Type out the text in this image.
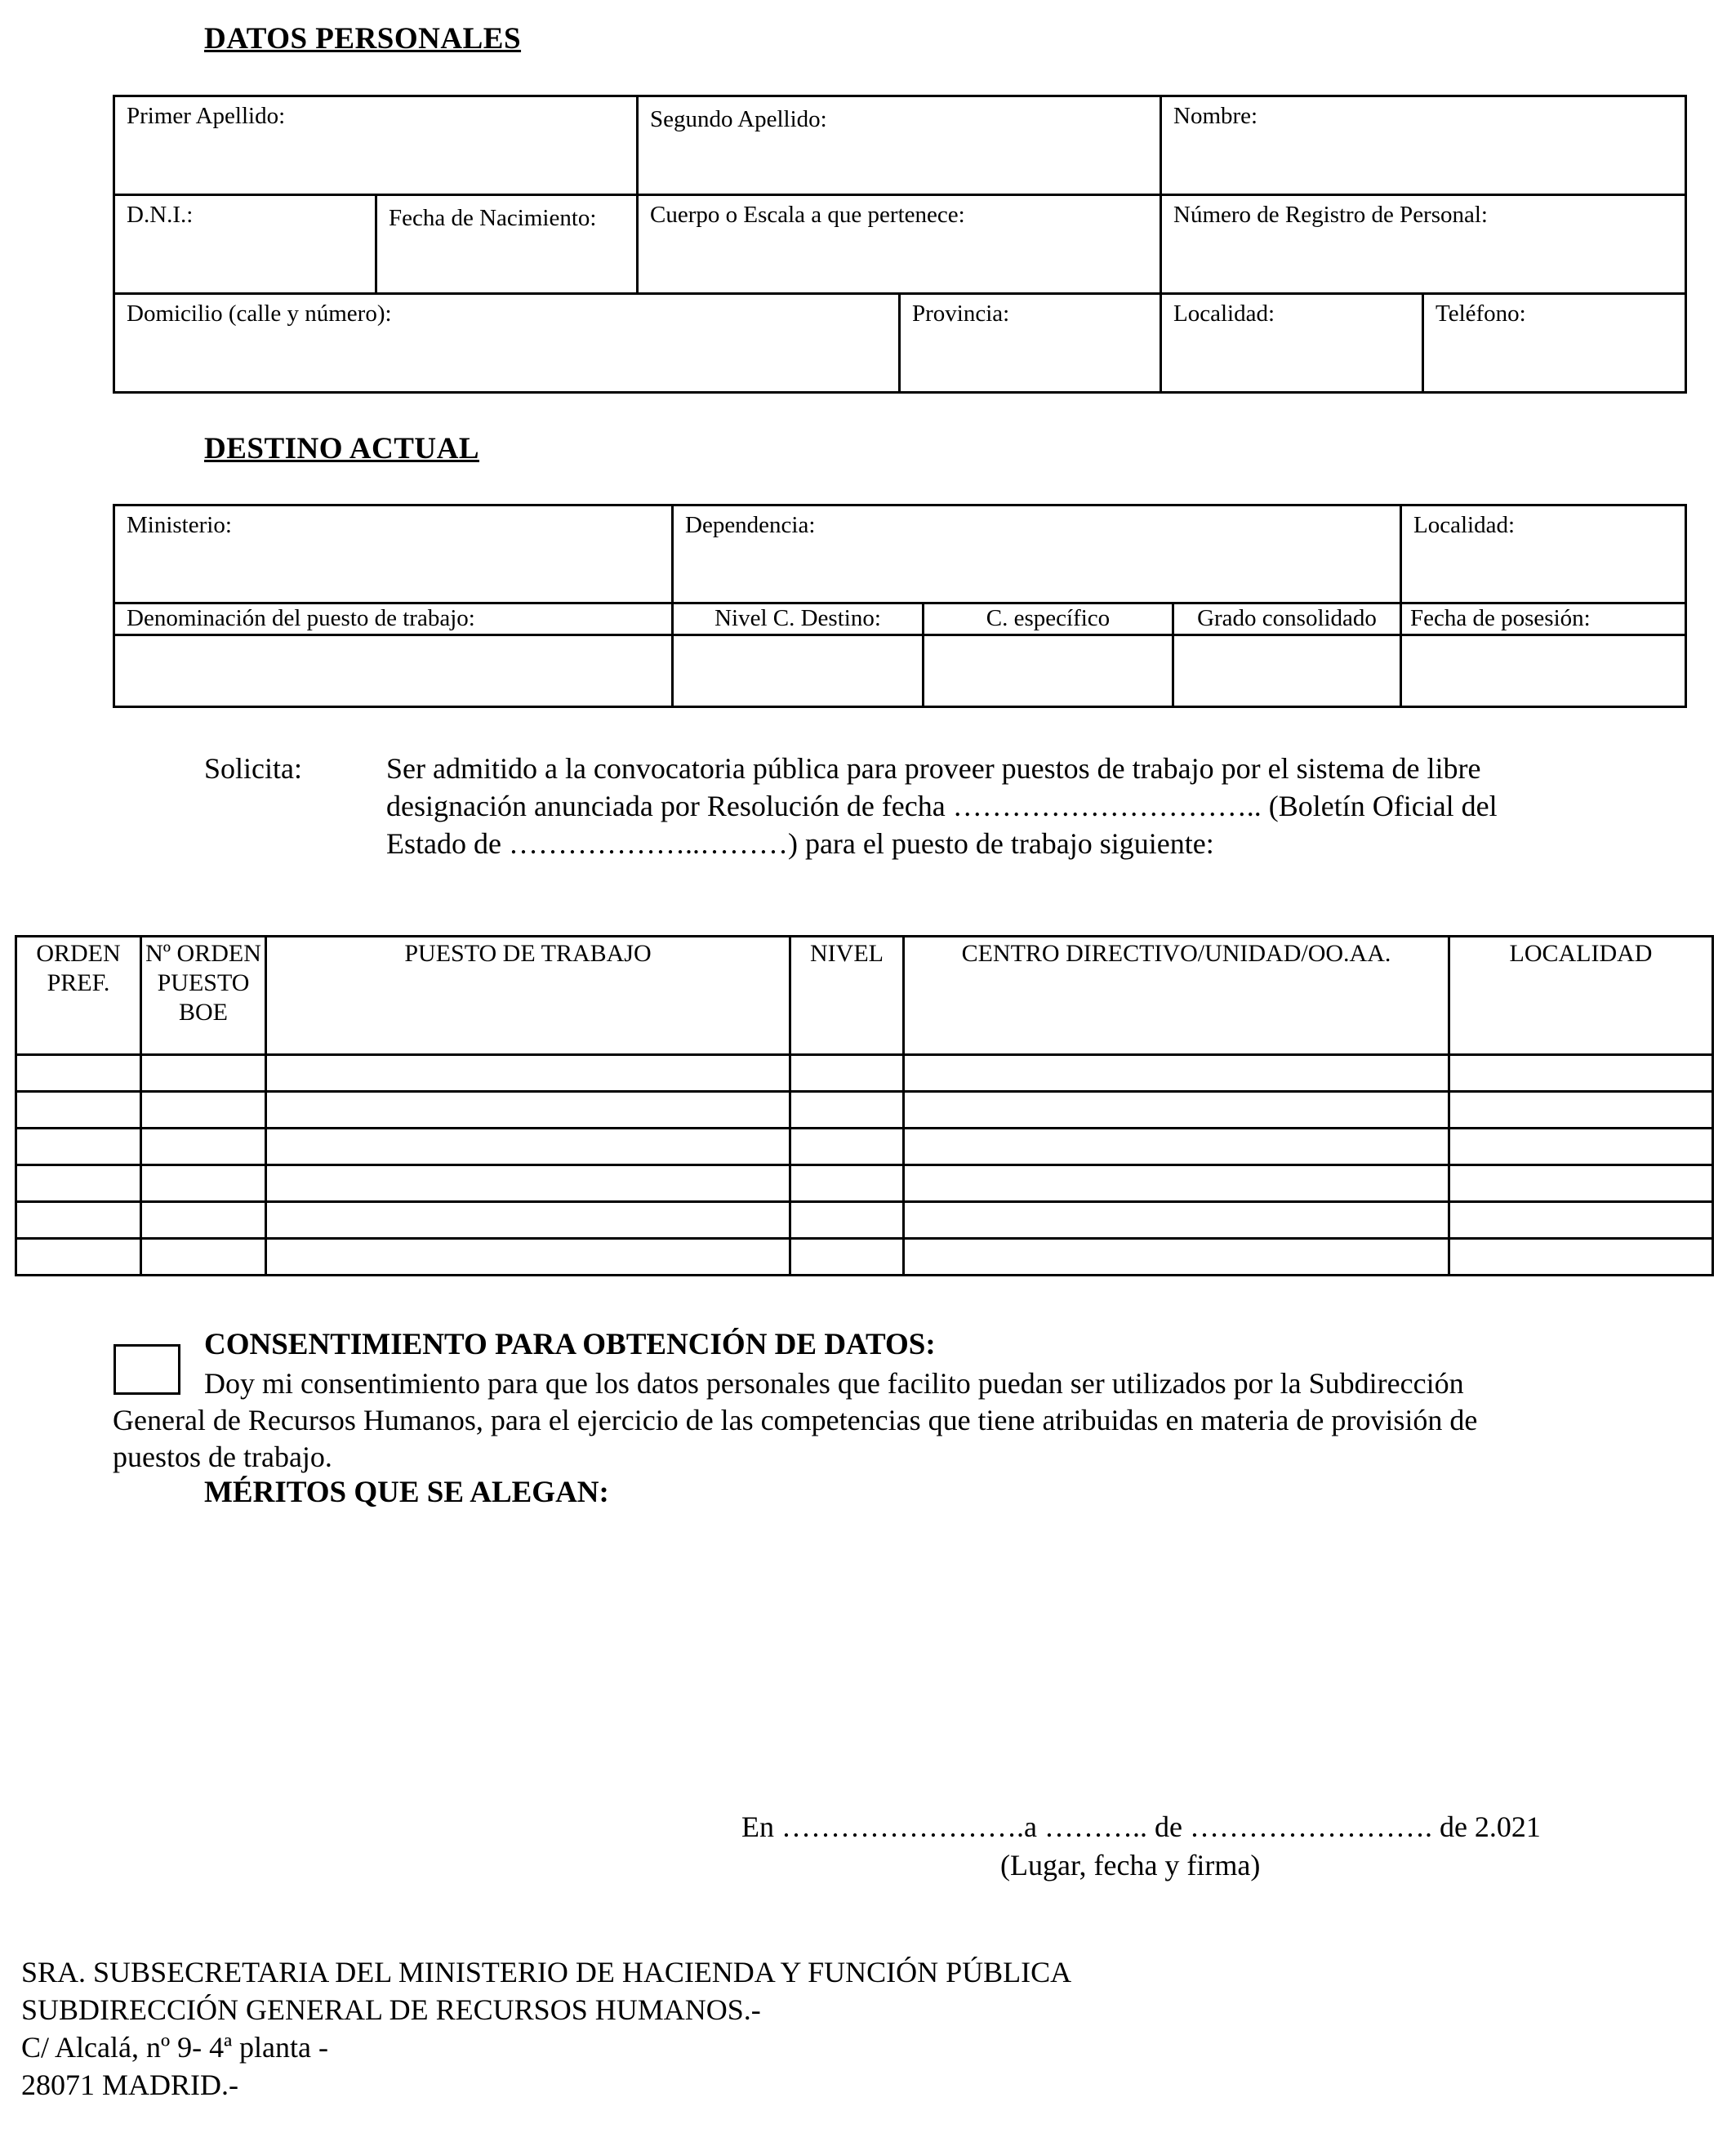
DATOS PERSONALES
Primer Apellido:		Segundo Apellido:		Nombre:	
D.N.I.:	Fecha de Nacimiento:	Cuerpo o Escala a que pertenece:		Número de Registro de Personal:	
Domicilio (calle y número):			Provincia:	Localidad:	Teléfono:
DESTINO ACTUAL
Ministerio:	Dependencia:			Localidad:
Denominación del puesto de trabajo:	Nivel C. Destino:	C. específico	Grado consolidado	Fecha de posesión:

Solicita:	Ser admitido a la convocatoria pública para proveer puestos de trabajo por el sistema de libre
designación anunciada por Resolución de fecha ………………………….. (Boletín Oficial del
Estado de ………………..………) para el puesto de trabajo siguiente:
ORDEN PREF.	Nº ORDEN PUESTO BOE	PUESTO DE TRABAJO	NIVEL	CENTRO DIRECTIVO/UNIDAD/OO.AA.	LOCALIDAD

CONSENTIMIENTO PARA OBTENCIÓN DE DATOS:
Doy mi consentimiento para que los datos personales que facilito puedan ser utilizados por la Subdirección
General de Recursos Humanos, para el ejercicio de las competencias que tiene atribuidas en materia de provisión de
puestos de trabajo.
MÉRITOS QUE SE ALEGAN:
En …………………….a ……….. de ……………………. de 2.021
(Lugar, fecha y firma)
SRA. SUBSECRETARIA DEL MINISTERIO DE HACIENDA Y FUNCIÓN PÚBLICA
SUBDIRECCIÓN GENERAL DE RECURSOS HUMANOS.-
C/ Alcalá, nº 9- 4ª planta -
28071 MADRID.-
